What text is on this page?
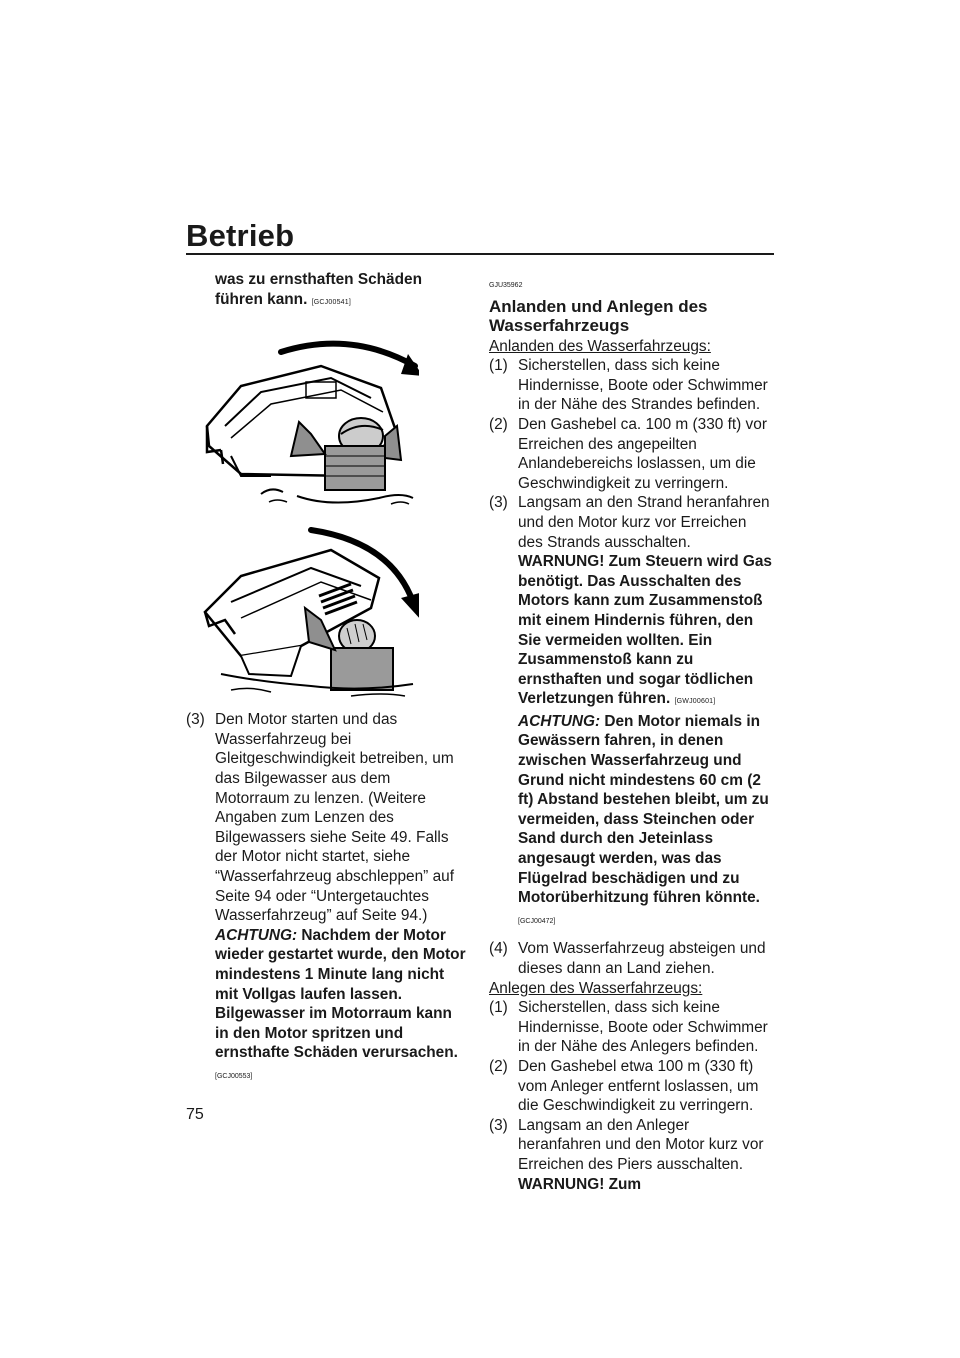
Betrieb
was zu ernsthaften Schäden führen kann. [GCJ00541]
(3) Den Motor starten und das Wasserfahrzeug bei Gleitgeschwindigkeit betreiben, um das Bilgewasser aus dem Motorraum zu lenzen. (Weitere Angaben zum Lenzen des Bilgewassers siehe Seite 49. Falls der Motor nicht startet, siehe “Wasserfahrzeug abschleppen” auf Seite 94 oder “Untergetauchtes Wasserfahrzeug” auf Seite 94.) ACHTUNG: Nachdem der Motor wieder gestartet wurde, den Motor mindestens 1 Minute lang nicht mit Vollgas laufen lassen. Bilgewasser im Motorraum kann in den Motor spritzen und ernsthafte Schäden verursachen.
[GCJ00553]
GJU35962
Anlanden und Anlegen des Wasserfahrzeugs
Anlanden des Wasserfahrzeugs:
(1) Sicherstellen, dass sich keine Hindernisse, Boote oder Schwimmer in der Nähe des Strandes befinden.
(2) Den Gashebel ca. 100 m (330 ft) vor Erreichen des angepeilten Anlandebereichs loslassen, um die Geschwindigkeit zu verringern.
(3) Langsam an den Strand heranfahren und den Motor kurz vor Erreichen des Strands ausschalten. WARNUNG! Zum Steuern wird Gas benötigt. Das Ausschalten des Motors kann zum Zusammenstoß mit einem Hindernis führen, den Sie vermeiden wollten. Ein Zusammenstoß kann zu ernsthaften und sogar tödlichen Verletzungen führen. [GWJ00601] ACHTUNG: Den Motor niemals in Gewässern fahren, in denen zwischen Wasserfahrzeug und Grund nicht mindestens 60 cm (2 ft) Abstand bestehen bleibt, um zu vermeiden, dass Steinchen oder Sand durch den Jeteinlass angesaugt werden, was das Flügelrad beschädigen und zu Motorüberhitzung führen könnte.
[GCJ00472]
(4) Vom Wasserfahrzeug absteigen und dieses dann an Land ziehen.
Anlegen des Wasserfahrzeugs:
(1) Sicherstellen, dass sich keine Hindernisse, Boote oder Schwimmer in der Nähe des Anlegers befinden.
(2) Den Gashebel etwa 100 m (330 ft) vom Anleger entfernt loslassen, um die Geschwindigkeit zu verringern.
(3) Langsam an den Anleger heranfahren und den Motor kurz vor Erreichen des Piers ausschalten. WARNUNG! Zum
75
